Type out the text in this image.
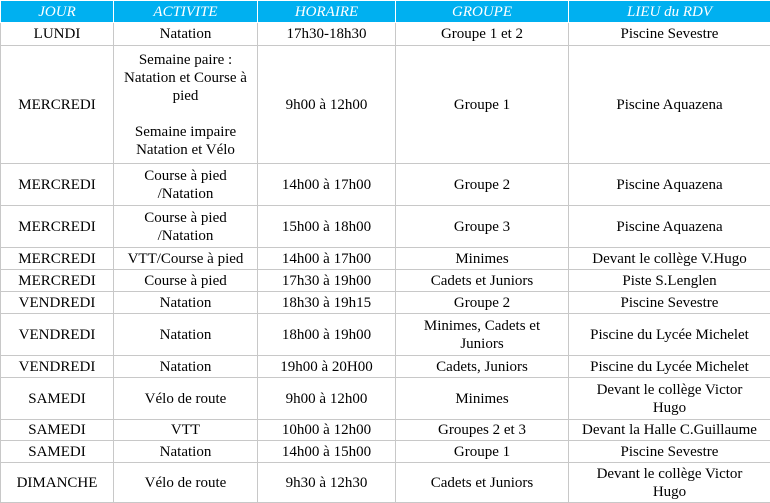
JOUR	ACTIVITE	HORAIRE	GROUPE	LIEU du RDV
LUNDI	Natation	17h30-18h30	Groupe 1 et 2	Piscine Sevestre
MERCREDI	Semaine paire :
Natation et Course à pied

Semaine impaire
Natation et Vélo	9h00 à 12h00	Groupe 1	Piscine Aquazena
MERCREDI	Course à pied
/Natation	14h00 à 17h00	Groupe 2	Piscine Aquazena
MERCREDI	Course à pied
/Natation	15h00 à 18h00	Groupe 3	Piscine Aquazena
MERCREDI	VTT/Course à pied	14h00 à 17h00	Minimes	Devant le collège V.Hugo
MERCREDI	Course à pied	17h30 à 19h00	Cadets et Juniors	Piste S.Lenglen
VENDREDI	Natation	18h30 à 19h15	Groupe 2	Piscine Sevestre
VENDREDI	Natation	18h00 à 19h00	Minimes, Cadets et
Juniors	Piscine du Lycée Michelet
VENDREDI	Natation	19h00 à 20H00	Cadets, Juniors	Piscine du Lycée Michelet
SAMEDI	Vélo de route	9h00 à 12h00	Minimes	Devant le collège Victor
Hugo
SAMEDI	VTT	10h00 à 12h00	Groupes 2 et 3	Devant la Halle C.Guillaume
SAMEDI	Natation	14h00 à 15h00	Groupe 1	Piscine Sevestre
DIMANCHE	Vélo de route	9h30 à 12h30	Cadets et Juniors	Devant le collège Victor
Hugo
